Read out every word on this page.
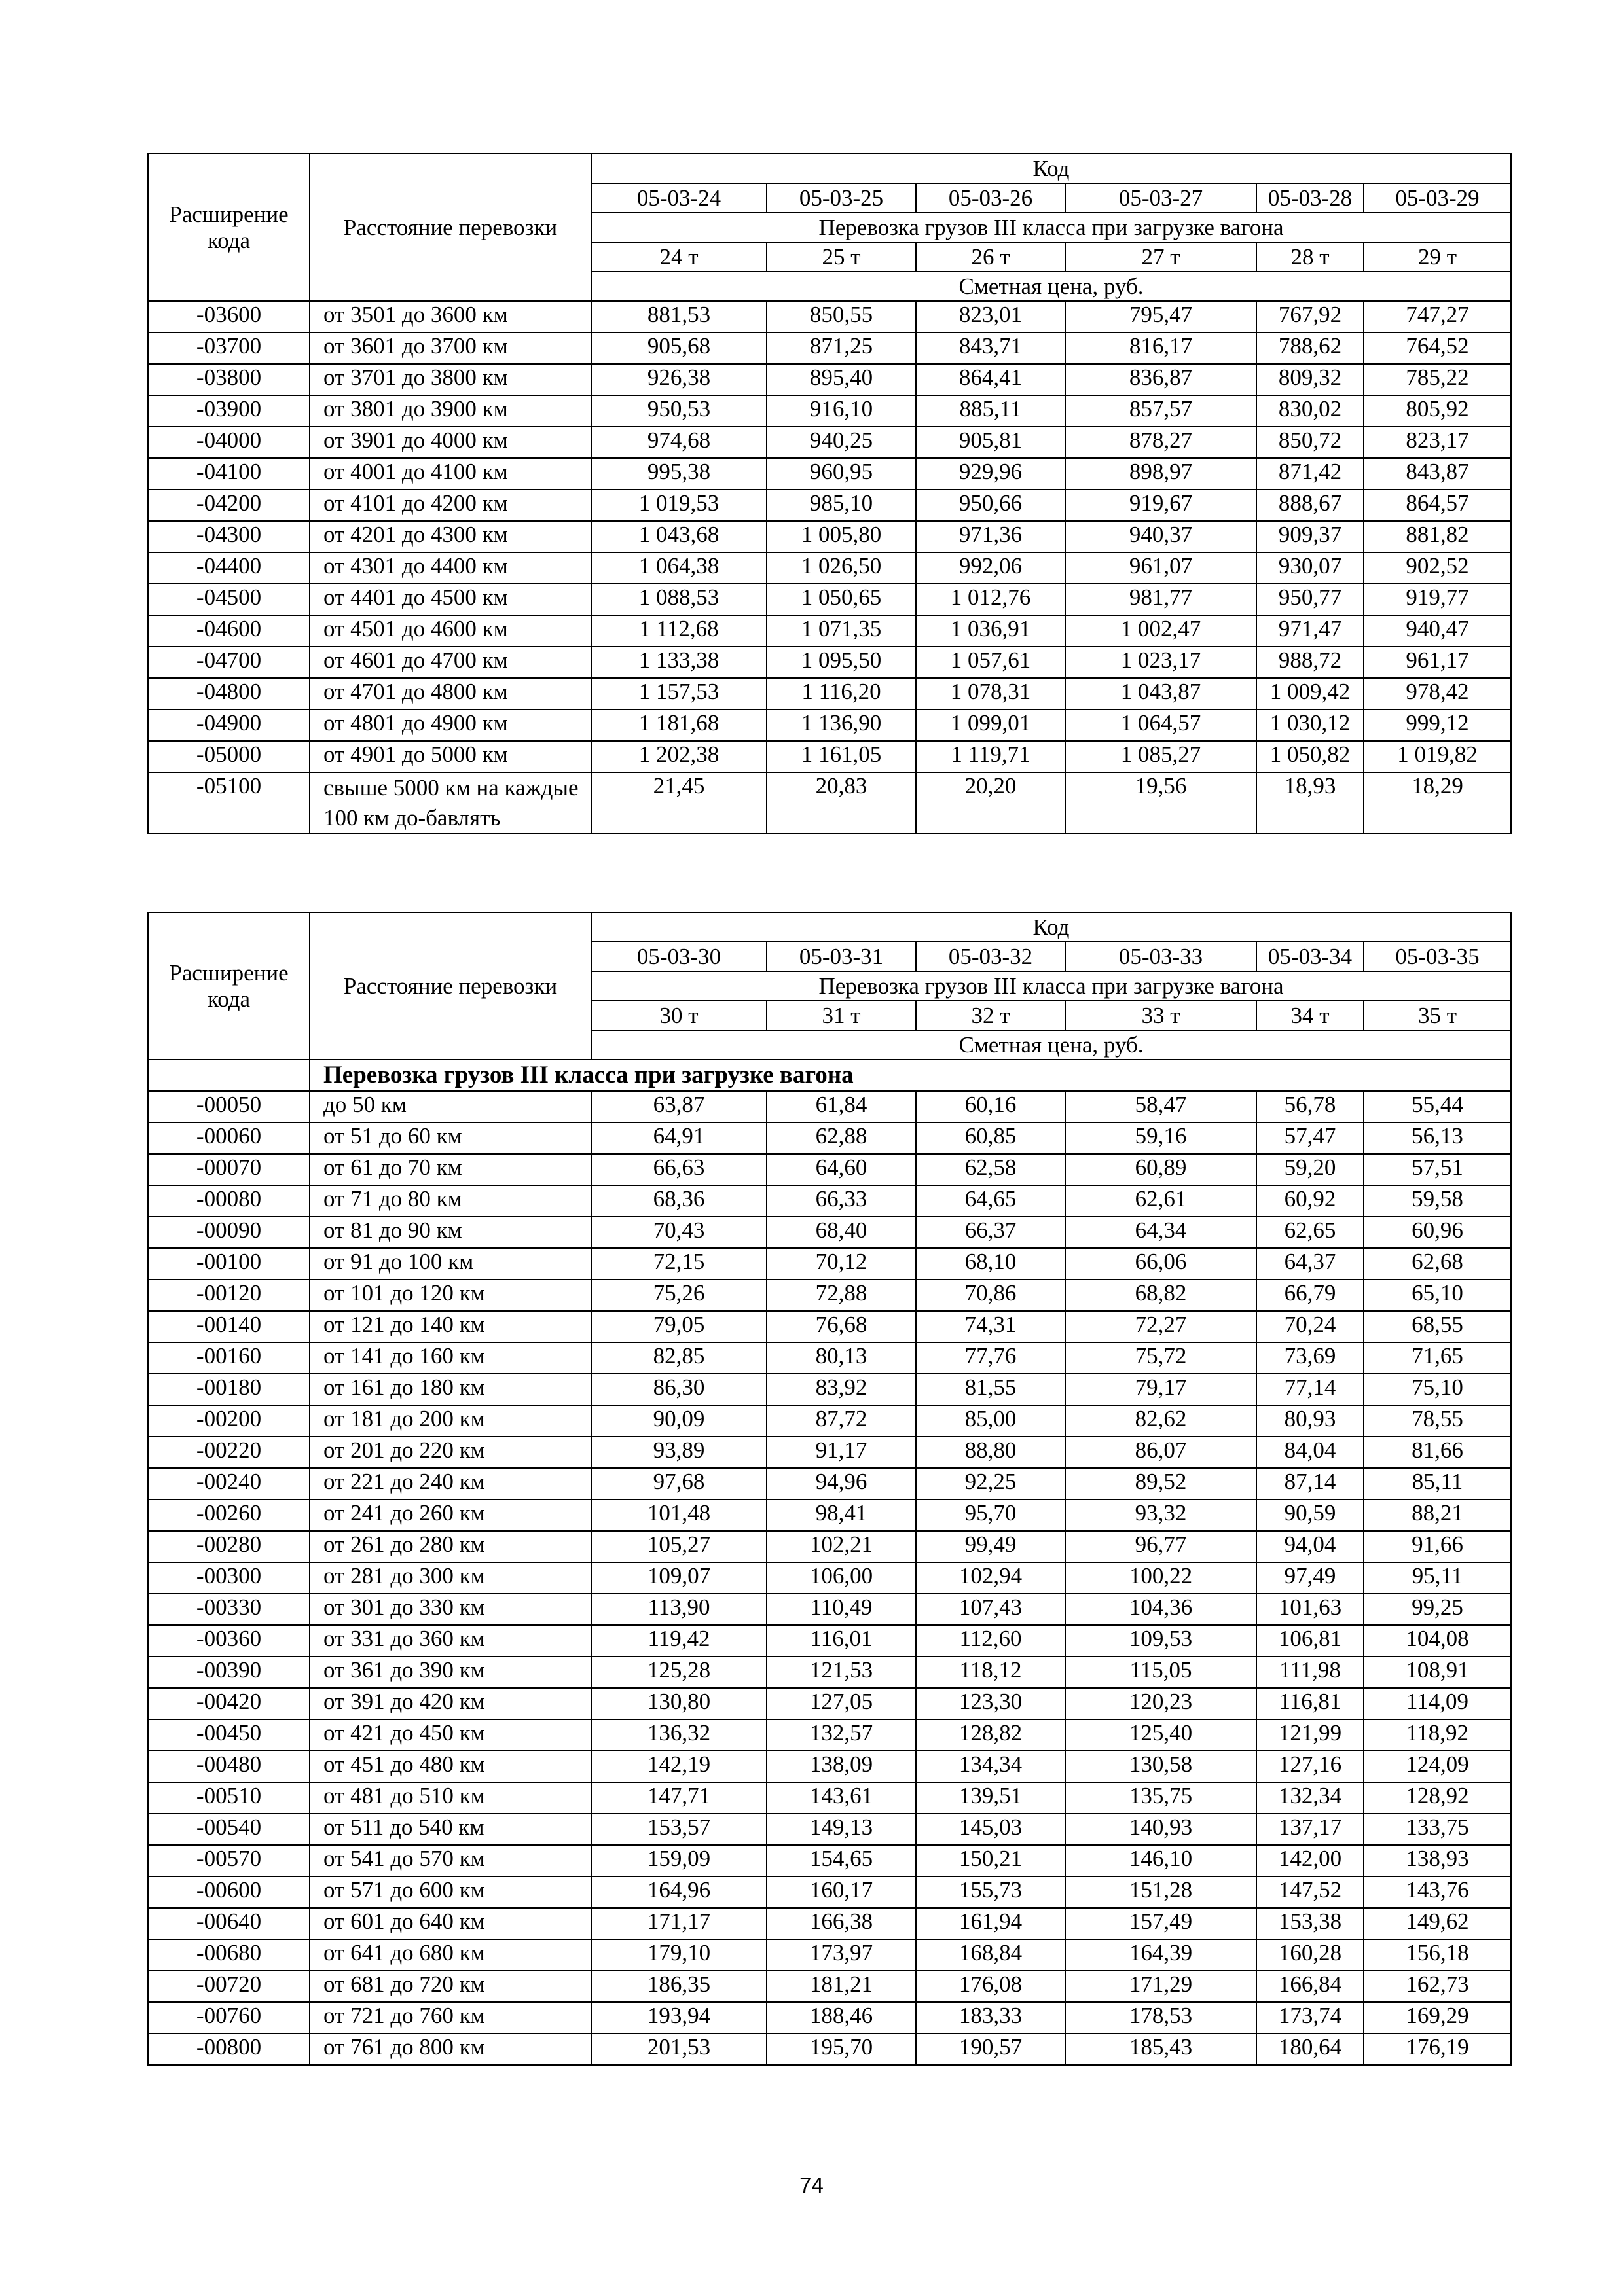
Расширение кода	Расстояние перевозки	Код					
		05-03-24	05-03-25	05-03-26	05-03-27	05-03-28	05-03-29
		Перевозка грузов III класса при загрузке вагона					
		24 т	25 т	26 т	27 т	28 т	29 т
		Сметная цена, руб.					
-03600	от 3501 до 3600 км	881,53	850,55	823,01	795,47	767,92	747,27
-03700	от 3601 до 3700 км	905,68	871,25	843,71	816,17	788,62	764,52
-03800	от 3701 до 3800 км	926,38	895,40	864,41	836,87	809,32	785,22
-03900	от 3801 до 3900 км	950,53	916,10	885,11	857,57	830,02	805,92
-04000	от 3901 до 4000 км	974,68	940,25	905,81	878,27	850,72	823,17
-04100	от 4001 до 4100 км	995,38	960,95	929,96	898,97	871,42	843,87
-04200	от 4101 до 4200 км	1 019,53	985,10	950,66	919,67	888,67	864,57
-04300	от 4201 до 4300 км	1 043,68	1 005,80	971,36	940,37	909,37	881,82
-04400	от 4301 до 4400 км	1 064,38	1 026,50	992,06	961,07	930,07	902,52
-04500	от 4401 до 4500 км	1 088,53	1 050,65	1 012,76	981,77	950,77	919,77
-04600	от 4501 до 4600 км	1 112,68	1 071,35	1 036,91	1 002,47	971,47	940,47
-04700	от 4601 до 4700 км	1 133,38	1 095,50	1 057,61	1 023,17	988,72	961,17
-04800	от 4701 до 4800 км	1 157,53	1 116,20	1 078,31	1 043,87	1 009,42	978,42
-04900	от 4801 до 4900 км	1 181,68	1 136,90	1 099,01	1 064,57	1 030,12	999,12
-05000	от 4901 до 5000 км	1 202,38	1 161,05	1 119,71	1 085,27	1 050,82	1 019,82
-05100	свыше 5000 км на каждые 100 км до-бавлять	21,45	20,83	20,20	19,56	18,93	18,29
Расширение кода	Расстояние перевозки	Код					
		05-03-30	05-03-31	05-03-32	05-03-33	05-03-34	05-03-35
		Перевозка грузов III класса при загрузке вагона					
		30 т	31 т	32 т	33 т	34 т	35 т
		Сметная цена, руб.					
	Перевозка грузов III класса при загрузке вагона						
-00050	до 50 км	63,87	61,84	60,16	58,47	56,78	55,44
-00060	от 51 до 60 км	64,91	62,88	60,85	59,16	57,47	56,13
-00070	от 61 до 70 км	66,63	64,60	62,58	60,89	59,20	57,51
-00080	от 71 до 80 км	68,36	66,33	64,65	62,61	60,92	59,58
-00090	от 81 до 90 км	70,43	68,40	66,37	64,34	62,65	60,96
-00100	от 91 до 100 км	72,15	70,12	68,10	66,06	64,37	62,68
-00120	от 101 до 120 км	75,26	72,88	70,86	68,82	66,79	65,10
-00140	от 121 до 140 км	79,05	76,68	74,31	72,27	70,24	68,55
-00160	от 141 до 160 км	82,85	80,13	77,76	75,72	73,69	71,65
-00180	от 161 до 180 км	86,30	83,92	81,55	79,17	77,14	75,10
-00200	от 181 до 200 км	90,09	87,72	85,00	82,62	80,93	78,55
-00220	от 201 до 220 км	93,89	91,17	88,80	86,07	84,04	81,66
-00240	от 221 до 240 км	97,68	94,96	92,25	89,52	87,14	85,11
-00260	от 241 до 260 км	101,48	98,41	95,70	93,32	90,59	88,21
-00280	от 261 до 280 км	105,27	102,21	99,49	96,77	94,04	91,66
-00300	от 281 до 300 км	109,07	106,00	102,94	100,22	97,49	95,11
-00330	от 301 до 330 км	113,90	110,49	107,43	104,36	101,63	99,25
-00360	от 331 до 360 км	119,42	116,01	112,60	109,53	106,81	104,08
-00390	от 361 до 390 км	125,28	121,53	118,12	115,05	111,98	108,91
-00420	от 391 до 420 км	130,80	127,05	123,30	120,23	116,81	114,09
-00450	от 421 до 450 км	136,32	132,57	128,82	125,40	121,99	118,92
-00480	от 451 до 480 км	142,19	138,09	134,34	130,58	127,16	124,09
-00510	от 481 до 510 км	147,71	143,61	139,51	135,75	132,34	128,92
-00540	от 511 до 540 км	153,57	149,13	145,03	140,93	137,17	133,75
-00570	от 541 до 570 км	159,09	154,65	150,21	146,10	142,00	138,93
-00600	от 571 до 600 км	164,96	160,17	155,73	151,28	147,52	143,76
-00640	от 601 до 640 км	171,17	166,38	161,94	157,49	153,38	149,62
-00680	от 641 до 680 км	179,10	173,97	168,84	164,39	160,28	156,18
-00720	от 681 до 720 км	186,35	181,21	176,08	171,29	166,84	162,73
-00760	от 721 до 760 км	193,94	188,46	183,33	178,53	173,74	169,29
-00800	от 761 до 800 км	201,53	195,70	190,57	185,43	180,64	176,19
74
